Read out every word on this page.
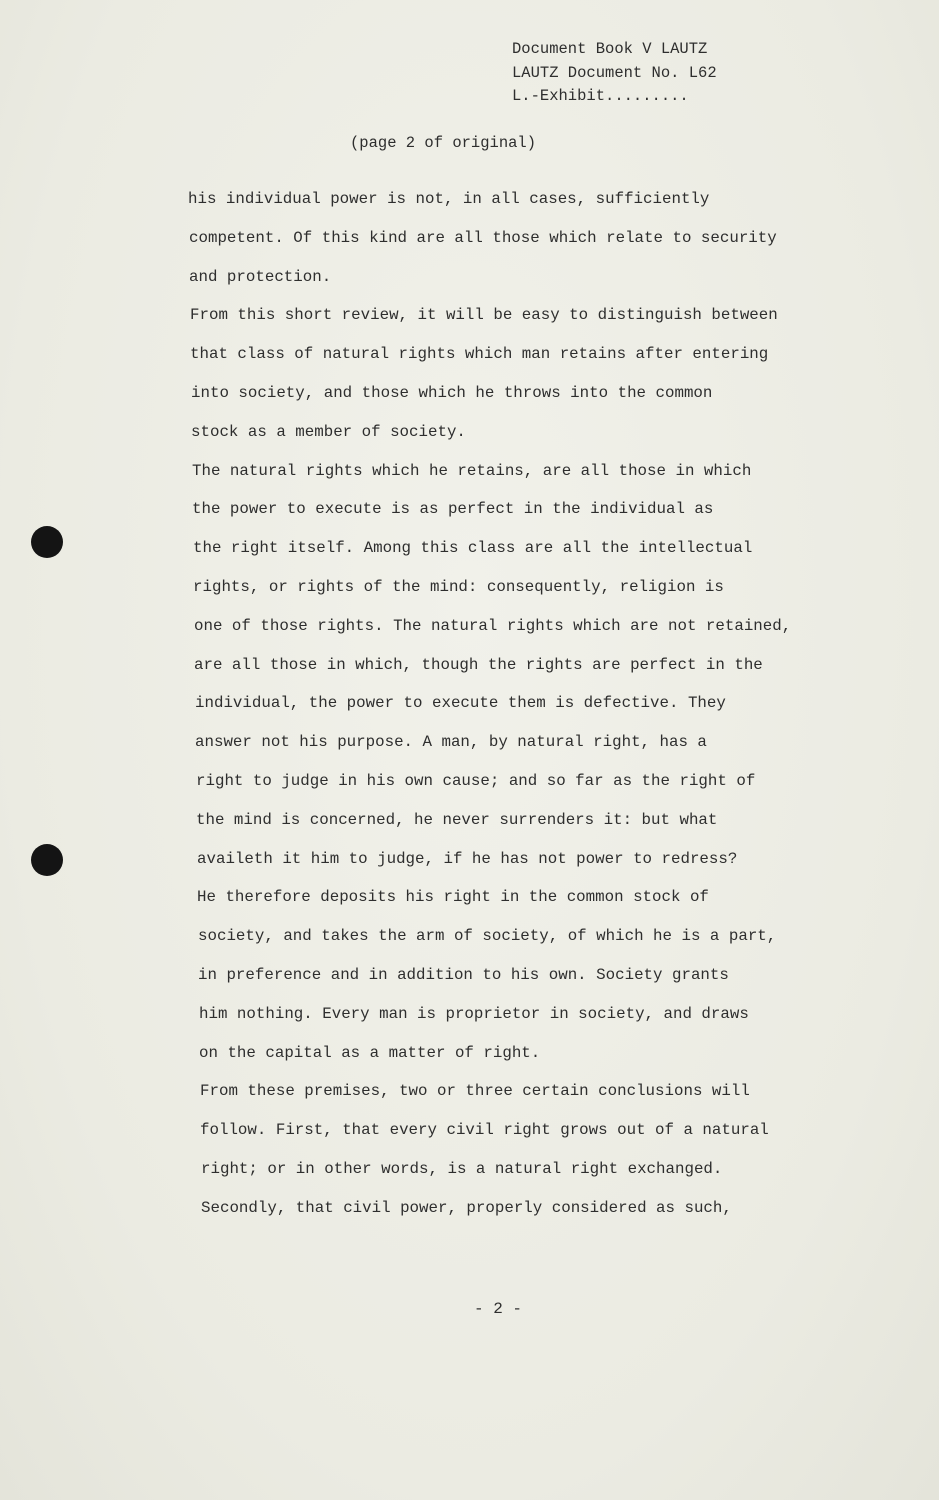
Document Book V LAUTZ
LAUTZ Document No. L62
L.-Exhibit.........
(page 2 of original)
his individual power is not, in all cases, sufficiently
competent. Of this kind are all those which relate to security
and protection.
From this short review, it will be easy to distinguish between
that class of natural rights which man retains after entering
into society, and those which he throws into the common
stock as a member of society.
The natural rights which he retains, are all those in which
the power to execute is as perfect in the individual as
the right itself. Among this class are all the intellectual
rights, or rights of the mind: consequently, religion is
one of those rights. The natural rights which are not retained,
are all those in which, though the rights are perfect in the
individual, the power to execute them is defective. They
answer not his purpose. A man, by natural right, has a
right to judge in his own cause; and so far as the right of
the mind is concerned, he never surrenders it: but what
availeth it him to judge, if he has not power to redress?
He therefore deposits his right in the common stock of
society, and takes the arm of society, of which he is a part,
in preference and in addition to his own. Society grants
him nothing. Every man is proprietor in society, and draws
on the capital as a matter of right.
From these premises, two or three certain conclusions will
follow. First, that every civil right grows out of a natural
right; or in other words, is a natural right exchanged.
Secondly, that civil power, properly considered as such,
- 2 -
